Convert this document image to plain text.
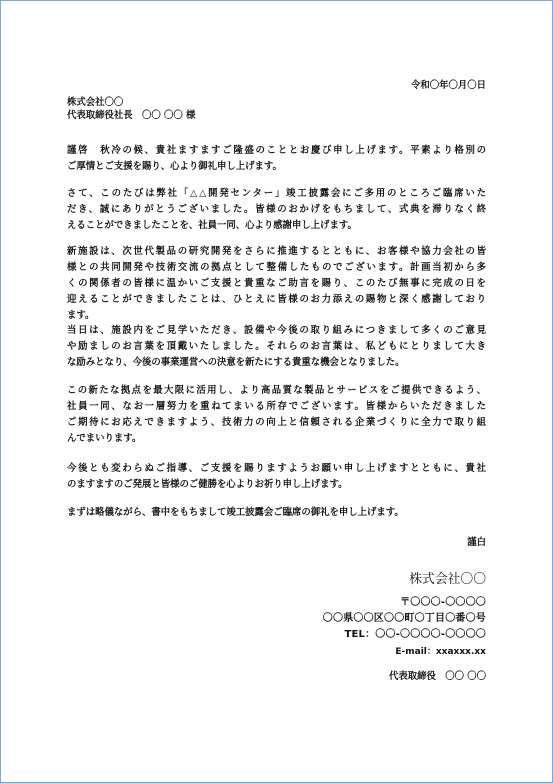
令和〇年〇月〇日
株式会社〇〇
代表取締役社長　〇〇 〇〇 様
謹啓　秋冷の候、貴社ますますご隆盛のこととお慶び申し上げます。平素より格別の
ご厚情とご支援を賜り、心より御礼申し上げます。
さて、このたびは弊社「△△開発センター」竣工披露会にご多用のところご臨席いた
だき、誠にありがとうございました。皆様のおかげをもちまして、式典を滞りなく終
えることができましたことを、社員一同、心より感謝申し上げます。
新施設は、次世代製品の研究開発をさらに推進するとともに、お客様や協力会社の皆
様との共同開発や技術交流の拠点として整備したものでございます。計画当初から多
くの関係者の皆様に温かいご支援と貴重なご助言を賜り、このたび無事に完成の日を
迎えることができましたことは、ひとえに皆様のお力添えの賜物と深く感謝しており
ます。
当日は、施設内をご見学いただき、設備や今後の取り組みにつきまして多くのご意見
や励ましのお言葉を頂戴いたしました。それらのお言葉は、私どもにとりまして大き
な励みとなり、今後の事業運営への決意を新たにする貴重な機会となりました。
この新たな拠点を最大限に活用し、より高品質な製品とサービスをご提供できるよう、
社員一同、なお一層努力を重ねてまいる所存でございます。皆様からいただきました
ご期待にお応えできますよう、技術力の向上と信頼される企業づくりに全力で取り組
んでまいります。
今後とも変わらぬご指導、ご支援を賜りますようお願い申し上げますとともに、貴社
のますますのご発展と皆様のご健勝を心よりお祈り申し上げます。
まずは略儀ながら、書中をもちまして竣工披露会ご臨席の御礼を申し上げます。
謹白
株式会社〇〇
〒〇〇〇-〇〇〇〇
〇〇県〇〇区〇〇町〇丁目〇番〇号
TEL：〇〇-〇〇〇〇-〇〇〇〇
E-mail：xxaxxx.xx
代表取締役　〇〇 〇〇
